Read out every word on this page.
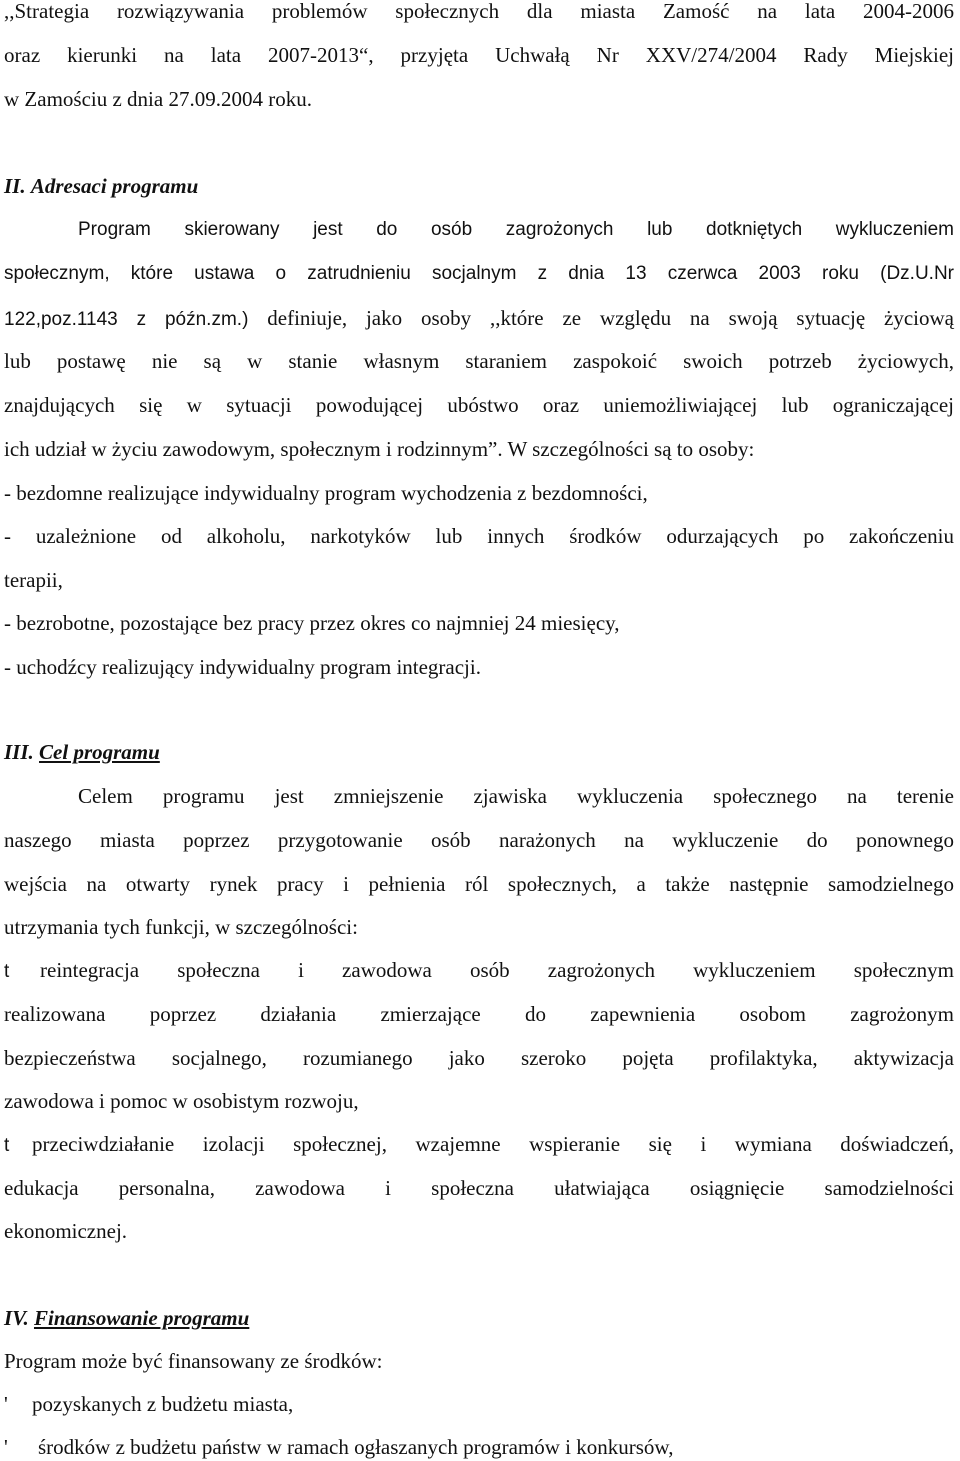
,,Strategia rozwiązywania problemów społecznych dla miasta Zamość na lata 2004-2006
oraz kierunki na lata 2007-2013“, przyjęta Uchwałą Nr XXV/274/2004 Rady Miejskiej
w Zamościu z dnia 27.09.2004 roku.
II. Adresaci programu
Program skierowany jest do osób zagrożonych lub dotkniętych wykluczeniem
społecznym, które ustawa o zatrudnieniu socjalnym z dnia 13 czerwca 2003 roku (Dz.U.Nr
122,poz.1143 z późn.zm.) definiuje, jako osoby ,,które ze względu na swoją sytuację życiową
lub postawę nie są w stanie własnym staraniem zaspokoić swoich potrzeb życiowych,
znajdujących się w sytuacji powodującej ubóstwo oraz uniemożliwiającej lub ograniczającej
ich udział w życiu zawodowym, społecznym i rodzinnym”. W szczególności są to osoby:
- bezdomne realizujące indywidualny program wychodzenia z bezdomności,
- uzależnione od alkoholu, narkotyków lub innych środków odurzających po zakończeniu
terapii,
- bezrobotne, pozostające bez pracy przez okres co najmniej 24 miesięcy,
- uchodźcy realizujący indywidualny program integracji.
III. Cel programu
Celem programu jest zmniejszenie zjawiska wykluczenia społecznego na terenie
naszego miasta poprzez przygotowanie osób narażonych na wykluczenie do ponownego
wejścia na otwarty rynek pracy i pełnienia ról społecznych, a także następnie samodzielnego
utrzymania tych funkcji, w szczególności:
t reintegracja społeczna i zawodowa osób zagrożonych wykluczeniem społecznym
realizowana poprzez działania zmierzające do zapewnienia osobom zagrożonym
bezpieczeństwa socjalnego, rozumianego jako szeroko pojęta profilaktyka, aktywizacja
zawodowa i pomoc w osobistym rozwoju,
t przeciwdziałanie izolacji społecznej, wzajemne wspieranie się i wymiana doświadczeń,
edukacja personalna, zawodowa i społeczna ułatwiająca osiągnięcie samodzielności
ekonomicznej.
IV. Finansowanie programu
Program może być finansowany ze środków:
' pozyskanych z budżetu miasta,
' środków z budżetu państw w ramach ogłaszanych programów i konkursów,
